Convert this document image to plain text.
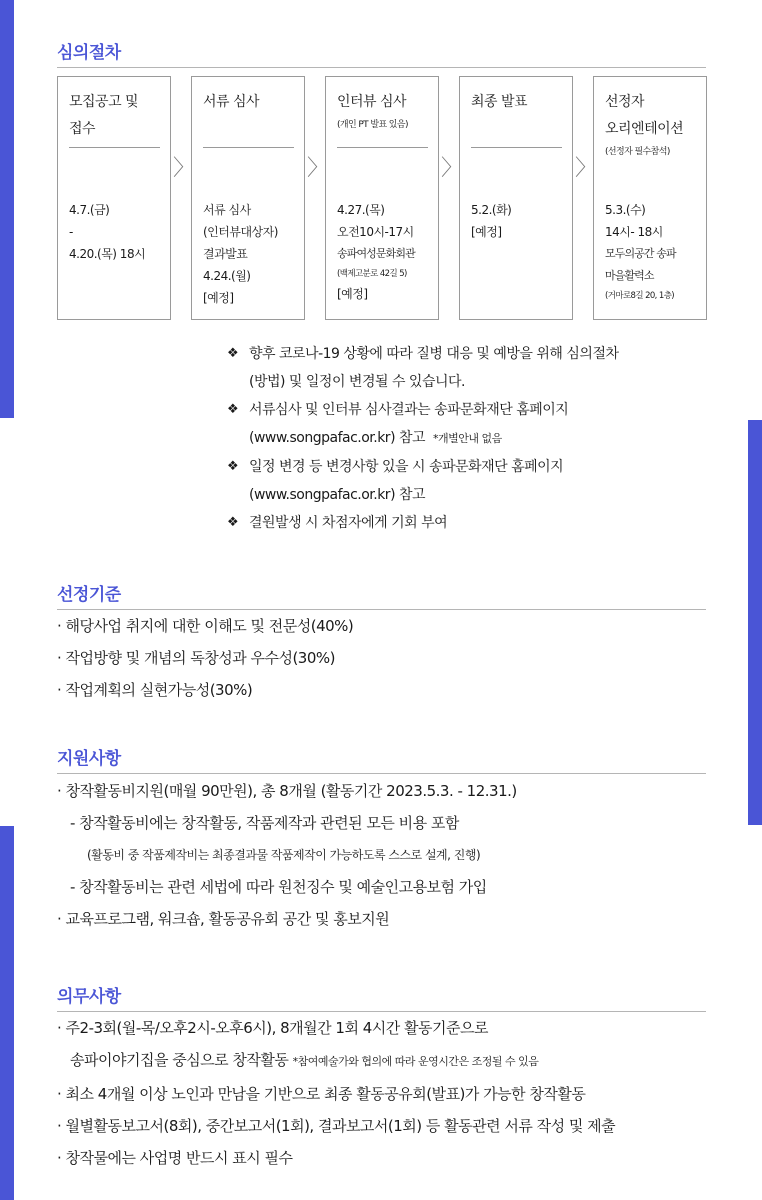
심의절차
모집공고 및
접수
4.7.(금)
-
4.20.(목) 18시
〉
서류 심사
서류 심사
(인터뷰대상자)
결과발표
4.24.(월)
[예정]
〉
인터뷰 심사
(개인 PT 발표 있음)
4.27.(목)
오전10시-17시
송파여성문화회관
(백제고분로 42길 5)
[예정]
〉
최종 발표
5.2.(화)
[예정]
〉
선정자
오리엔테이션
(선정자 필수참석)
5.3.(수)
14시- 18시
모두의공간 송파
마을활력소
(거마로8길 20, 1층)
❖ 향후 코로나-19 상황에 따라 질병 대응 및 예방을 위해 심의절차
(방법) 및 일정이 변경될 수 있습니다.
❖ 서류심사 및 인터뷰 심사결과는 송파문화재단 홈페이지
(www.songpafac.or.kr) 참고 *개별안내 없음
❖ 일정 변경 등 변경사항 있을 시 송파문화재단 홈페이지
(www.songpafac.or.kr) 참고
❖ 결원발생 시 차점자에게 기회 부여
선정기준
· 해당사업 취지에 대한 이해도 및 전문성(40%)
· 작업방향 및 개념의 독창성과 우수성(30%)
· 작업계획의 실현가능성(30%)
지원사항
· 창작활동비지원(매월 90만원), 총 8개월 (활동기간 2023.5.3. - 12.31.)
- 창작활동비에는 창작활동, 작품제작과 관련된 모든 비용 포함
(활동비 중 작품제작비는 최종결과물 작품제작이 가능하도록 스스로 설계, 진행)
- 창작활동비는 관련 세법에 따라 원천징수 및 예술인고용보험 가입
· 교육프로그램, 워크숍, 활동공유회 공간 및 홍보지원
의무사항
· 주2-3회(월-목/오후2시-오후6시), 8개월간 1회 4시간 활동기준으로
송파이야기집을 중심으로 창작활동 *참여예술가와 협의에 따라 운영시간은 조정될 수 있음
· 최소 4개월 이상 노인과 만남을 기반으로 최종 활동공유회(발표)가 가능한 창작활동
· 월별활동보고서(8회), 중간보고서(1회), 결과보고서(1회) 등 활동관련 서류 작성 및 제출
· 창작물에는 사업명 반드시 표시 필수
